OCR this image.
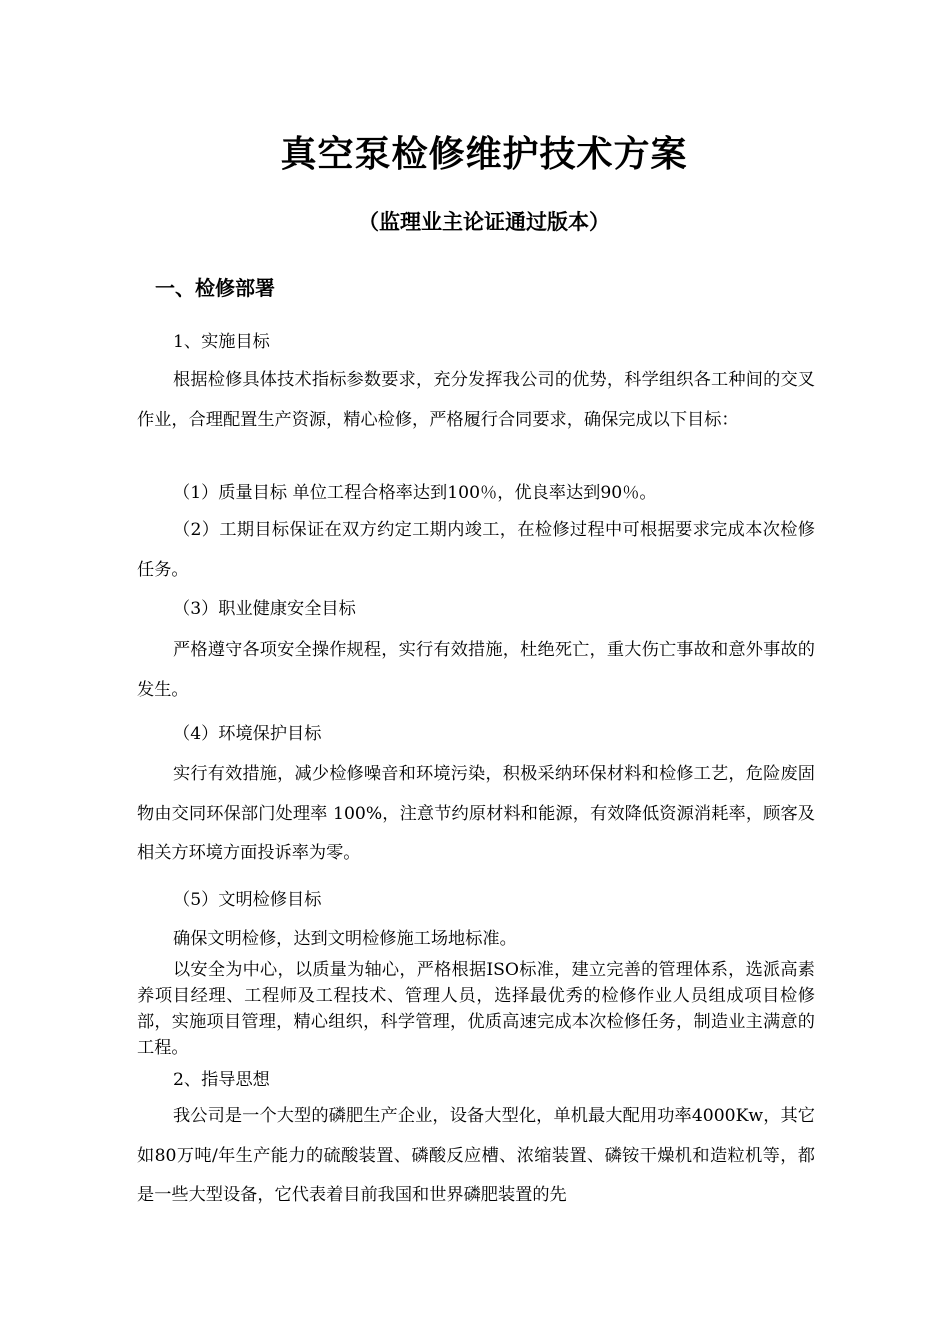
真空泵检修维护技术方案
（监理业主论证通过版本）
一、检修部署
1、实施目标

根据检修具体技术指标参数要求，充分发挥我公司的优势，科学组织各工种间的交叉作业，合理配置生产资源，精心检修，严格履行合同要求，确保完成以下目标：

（1）质量目标 单位工程合格率达到100％，优良率达到90％。

（2）工期目标保证在双方约定工期内竣工，在检修过程中可根据要求完成本次检修任务。

（3）职业健康安全目标

严格遵守各项安全操作规程，实行有效措施，杜绝死亡，重大伤亡事故和意外事故的发生。

（4）环境保护目标

实行有效措施，减少检修噪音和环境污染，积极采纳环保材料和检修工艺，危险废固物由交同环保部门处理率 100%，注意节约原材料和能源，有效降低资源消耗率，顾客及相关方环境方面投诉率为零。

（5）文明检修目标

确保文明检修，达到文明检修施工场地标准。

以安全为中心，以质量为轴心，严格根据ISO标准，建立完善的管理体系，选派高素养项目经理、工程师及工程技术、管理人员，选择最优秀的检修作业人员组成项目检修部，实施项目管理，精心组织，科学管理，优质高速完成本次检修任务，制造业主满意的工程。

2、指导思想

我公司是一个大型的磷肥生产企业，设备大型化，单机最大配用功率4000Kw，其它如80万吨/年生产能力的硫酸装置、磷酸反应槽、浓缩装置、磷铵干燥机和造粒机等，都是一些大型设备，它代表着目前我国和世界磷肥装置的先
